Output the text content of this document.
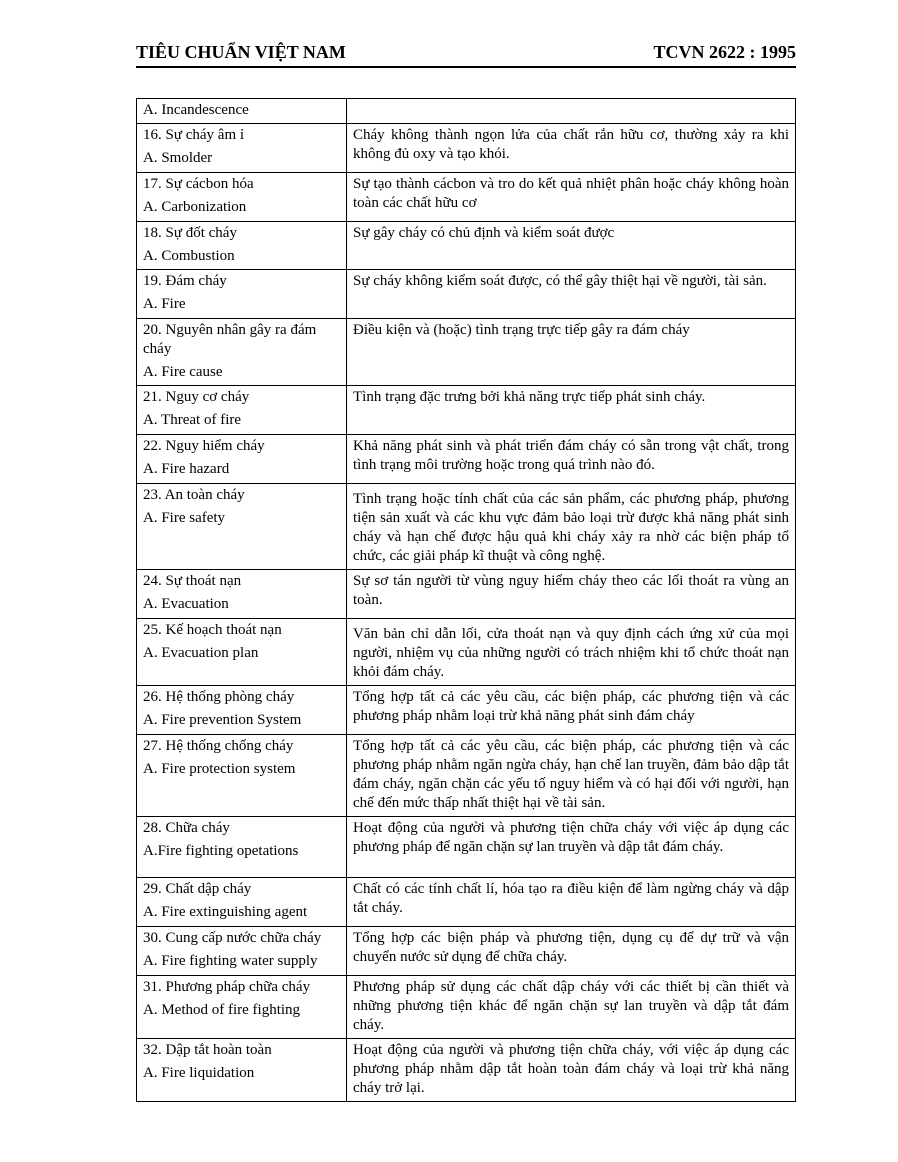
TIÊU CHUẨN VIỆT NAM	TCVN 2622 : 1995
A. Incandescence	

16. Sự cháy âm ỉ
A. Smolder	Cháy không thành ngọn lửa của chất rắn hữu cơ, thường xảy ra khi không đủ oxy và tạo khói.

17. Sự cácbon hóa
A. Carbonization	Sự tạo thành cácbon và tro do kết quả nhiệt phân hoặc cháy không hoàn toàn các chất hữu cơ

18. Sự đốt cháy
A. Combustion	Sự gây cháy có chủ định và kiểm soát được

19. Đám cháy
A. Fire	Sự cháy không kiểm soát được, có thể gây thiệt hại về người, tài sản.

20. Nguyên nhân gây ra đám cháy
A. Fire cause	Điều kiện và (hoặc) tình trạng trực tiếp gây ra đám cháy

21. Nguy cơ cháy
A. Threat of fire	Tình trạng đặc trưng bởi khả năng trực tiếp phát sinh cháy.

22. Nguy hiểm cháy
A. Fire hazard	Khả năng phát sinh và phát triển đám cháy có sẵn trong vật chất, trong tình trạng môi trường hoặc trong quá trình nào đó.

23. An toàn cháy
A. Fire safety	Tình trạng hoặc tính chất của các sản phẩm, các phương pháp, phương tiện sản xuất và các khu vực đảm bảo loại trừ được khả năng phát sinh cháy và hạn chế được hậu quả khi cháy xảy ra nhờ các biện pháp tổ chức, các giải pháp kĩ thuật và công nghệ.

24. Sự thoát nạn
A. Evacuation	Sự sơ tán người từ vùng nguy hiểm cháy theo các lối thoát ra vùng an toàn.

25. Kế hoạch thoát nạn
A. Evacuation plan	Văn bản chỉ dẫn lối, cửa thoát nạn và quy định cách ứng xử của mọi người, nhiệm vụ của những người có trách nhiệm khi tổ chức thoát nạn khỏi đám cháy.

26. Hệ thống phòng cháy
A. Fire prevention System	Tổng hợp tất cả các yêu cầu, các biện pháp, các phương tiện và các phương pháp nhằm loại trừ khả năng phát sinh đám cháy

27. Hệ thống chống cháy
A. Fire protection system	Tổng hợp tất cả các yêu cầu, các biện pháp, các phương tiện và các phương pháp nhằm ngăn ngừa cháy, hạn chế lan truyền, đảm bảo dập tắt đám cháy, ngăn chặn các yếu tố nguy hiểm và có hại đối với người, hạn chế đến mức thấp nhất thiệt hại về tài sản.

28. Chữa cháy
A.Fire fighting opetations	Hoạt động của người và phương tiện chữa cháy với việc áp dụng các phương pháp để ngăn chặn sự lan truyền và dập tắt đám cháy.

29. Chất dập cháy
A. Fire extinguishing agent	Chất có các tính chất lí, hóa tạo ra điều kiện để làm ngừng cháy và dập tắt cháy.

30. Cung cấp nước chữa cháy
A. Fire fighting water supply	Tổng hợp các biện pháp và phương tiện, dụng cụ để dự trữ và vận chuyển nước sử dụng để chữa cháy.

31. Phương pháp chữa cháy
A. Method of fire fighting	Phương pháp sử dụng các chất dập cháy với các thiết bị cần thiết và những phương tiện khác để ngăn chặn sự lan truyền và dập tắt đám cháy.

32. Dập tắt hoàn toàn
A. Fire liquidation	Hoạt động của người và phương tiện chữa cháy, với việc áp dụng các phương pháp nhằm dập tắt hoàn toàn đám cháy và loại trừ khả năng cháy trở lại.
